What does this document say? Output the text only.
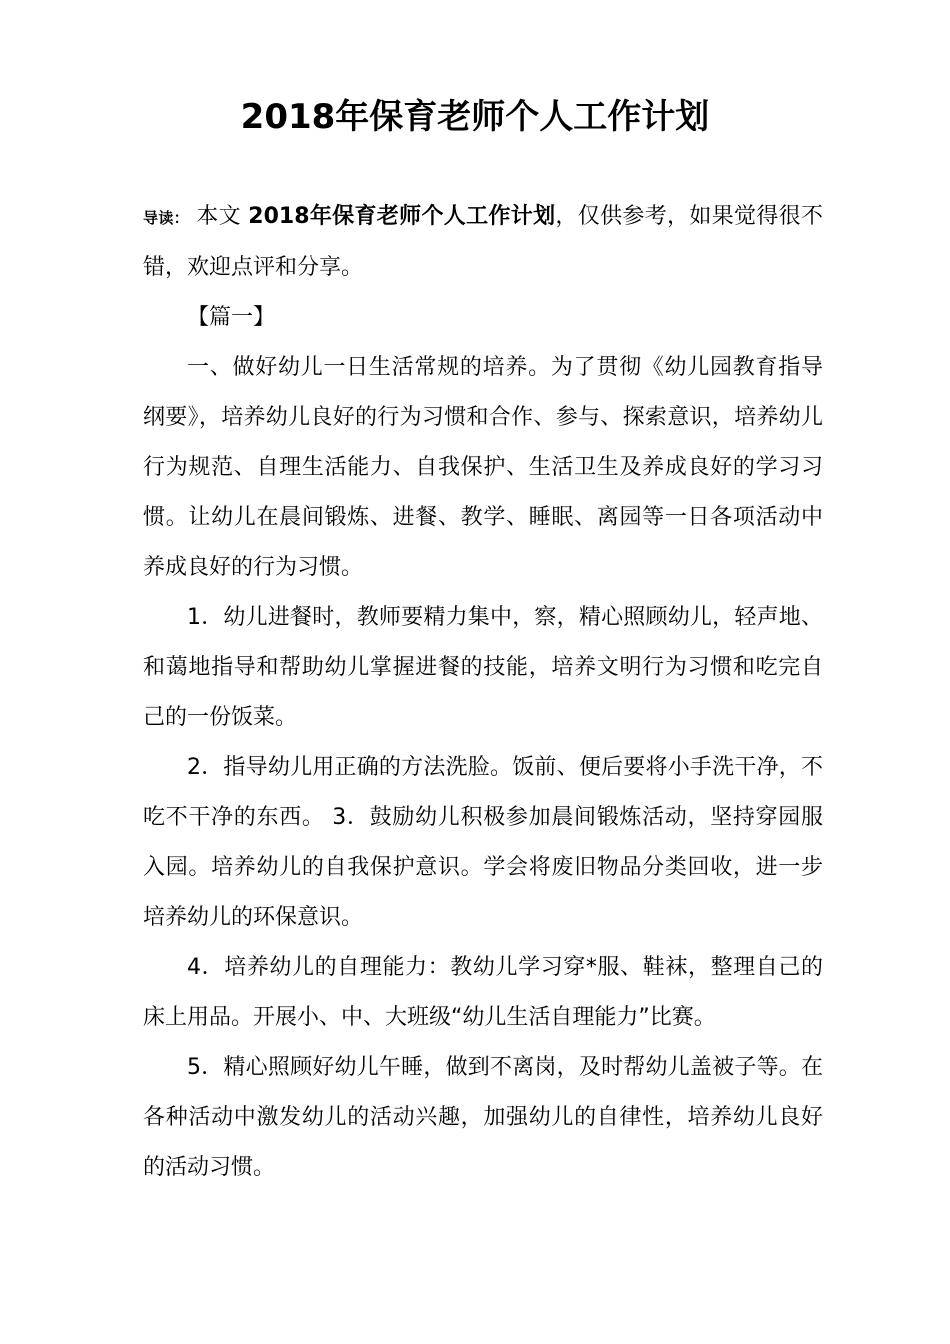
2018年保育老师个人工作计划

导读： 本文 2018年保育老师个人工作计划，仅供参考，如果觉得很不错，欢迎点评和分享。

【篇一】

一、做好幼儿一日生活常规的培养。为了贯彻《幼儿园教育指导纲要》，培养幼儿良好的行为习惯和合作、参与、探索意识，培养幼儿行为规范、自理生活能力、自我保护、生活卫生及养成良好的学习习惯。让幼儿在晨间锻炼、进餐、教学、睡眠、离园等一日各项活动中养成良好的行为习惯。

1．幼儿进餐时，教师要精力集中，察，精心照顾幼儿，轻声地、和蔼地指导和帮助幼儿掌握进餐的技能，培养文明行为习惯和吃完自己的一份饭菜。

2．指导幼儿用正确的方法洗脸。饭前、便后要将小手洗干净，不吃不干净的东西。 3．鼓励幼儿积极参加晨间锻炼活动，坚持穿园服入园。培养幼儿的自我保护意识。学会将废旧物品分类回收，进一步培养幼儿的环保意识。

4．培养幼儿的自理能力：教幼儿学习穿*服、鞋袜，整理自己的床上用品。开展小、中、大班级“幼儿生活自理能力”比赛。

5．精心照顾好幼儿午睡，做到不离岗，及时帮幼儿盖被子等。在各种活动中激发幼儿的活动兴趣，加强幼儿的自律性，培养幼儿良好的活动习惯。
